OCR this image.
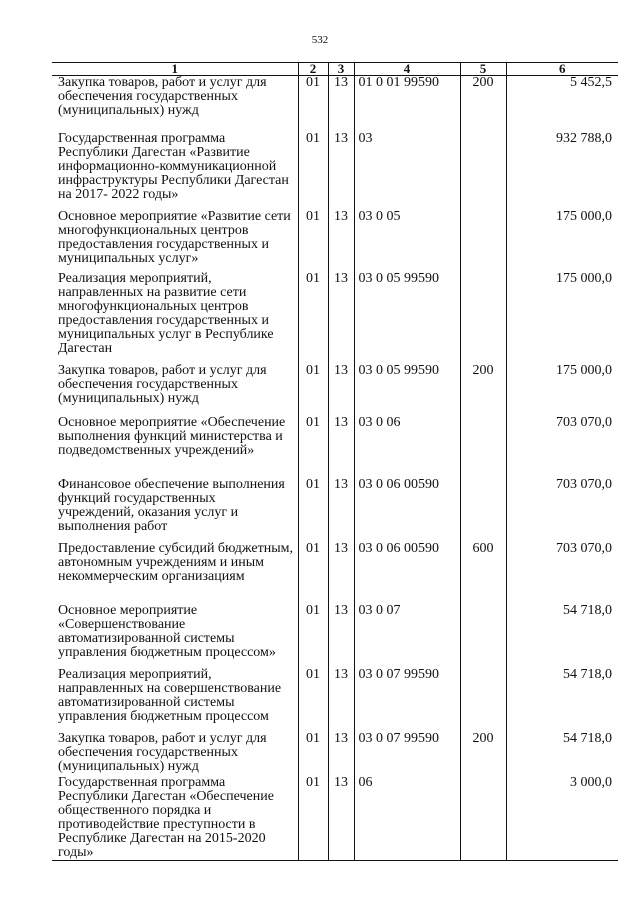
532
1	2	3	4	5	6
Закупка товаров, работ и услуг для обеспечения государственных (муниципальных) нужд	01	13	01 0 01 99590	200	5 452,5
Государственная программа Республики Дагестан «Развитие информационно-коммуникационной инфраструктуры Республики Дагестан на 2017- 2022 годы»	01	13	03		932 788,0
Основное мероприятие «Развитие сети многофункциональных центров предоставления государственных и муниципальных услуг»	01	13	03 0 05		175 000,0
Реализация мероприятий, направленных на развитие сети многофункциональных центров предоставления государственных и муниципальных услуг в Республике Дагестан	01	13	03 0 05 99590		175 000,0
Закупка товаров, работ и услуг для обеспечения государственных (муниципальных) нужд	01	13	03 0 05 99590	200	175 000,0
Основное мероприятие «Обеспечение выполнения функций министерства и подведомственных учреждений»	01	13	03 0 06		703 070,0
Финансовое обеспечение выполнения функций государственных учреждений, оказания услуг и выполнения работ	01	13	03 0 06 00590		703 070,0
Предоставление субсидий бюджетным, автономным учреждениям и иным некоммерческим организациям	01	13	03 0 06 00590	600	703 070,0
Основное мероприятие «Совершенствование автоматизированной системы управления бюджетным процессом»	01	13	03 0 07		54 718,0
Реализация мероприятий, направленных на совершенствование автоматизированной системы управления бюджетным процессом	01	13	03 0 07 99590		54 718,0
Закупка товаров, работ и услуг для обеспечения государственных (муниципальных) нужд	01	13	03 0 07 99590	200	54 718,0
Государственная программа Республики Дагестан «Обеспечение общественного порядка и противодействие преступности в Республике Дагестан на 2015-2020 годы»	01	13	06		3 000,0
